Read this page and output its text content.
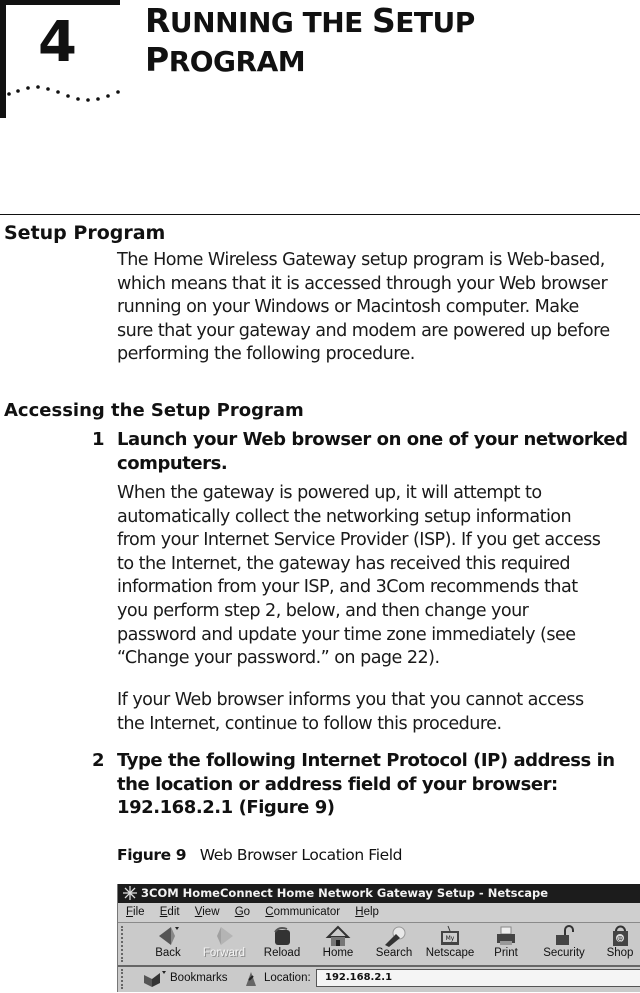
4 RUNNING THE SETUP
PROGRAM
Setup Program
The Home Wireless Gateway setup program is Web-based,
which means that it is accessed through your Web browser
running on your Windows or Macintosh computer. Make
sure that your gateway and modem are powered up before
performing the following procedure.
Accessing the Setup Program
1 Launch your Web browser on one of your networked
computers.
When the gateway is powered up, it will attempt to
automatically collect the networking setup information
from your Internet Service Provider (ISP). If you get access
to the Internet, the gateway has received this required
information from your ISP, and 3Com recommends that
you perform step 2, below, and then change your
password and update your time zone immediately (see
“Change your password.” on page 22).
If your Web browser informs you that you cannot access
the Internet, continue to follow this procedure.
2 Type the following Internet Protocol (IP) address in
the location or address field of your browser:
192.168.2.1 (Figure 9)
Figure 9 Web Browser Location Field
3COM HomeConnect Home Network Gateway Setup - Netscape
File Edit View Go Communicator Help
Back	Forward	Reload	Home	Search
My
Netscape	Print	Security
@
Shop
Bookmarks	Location:
192.168.2.1
